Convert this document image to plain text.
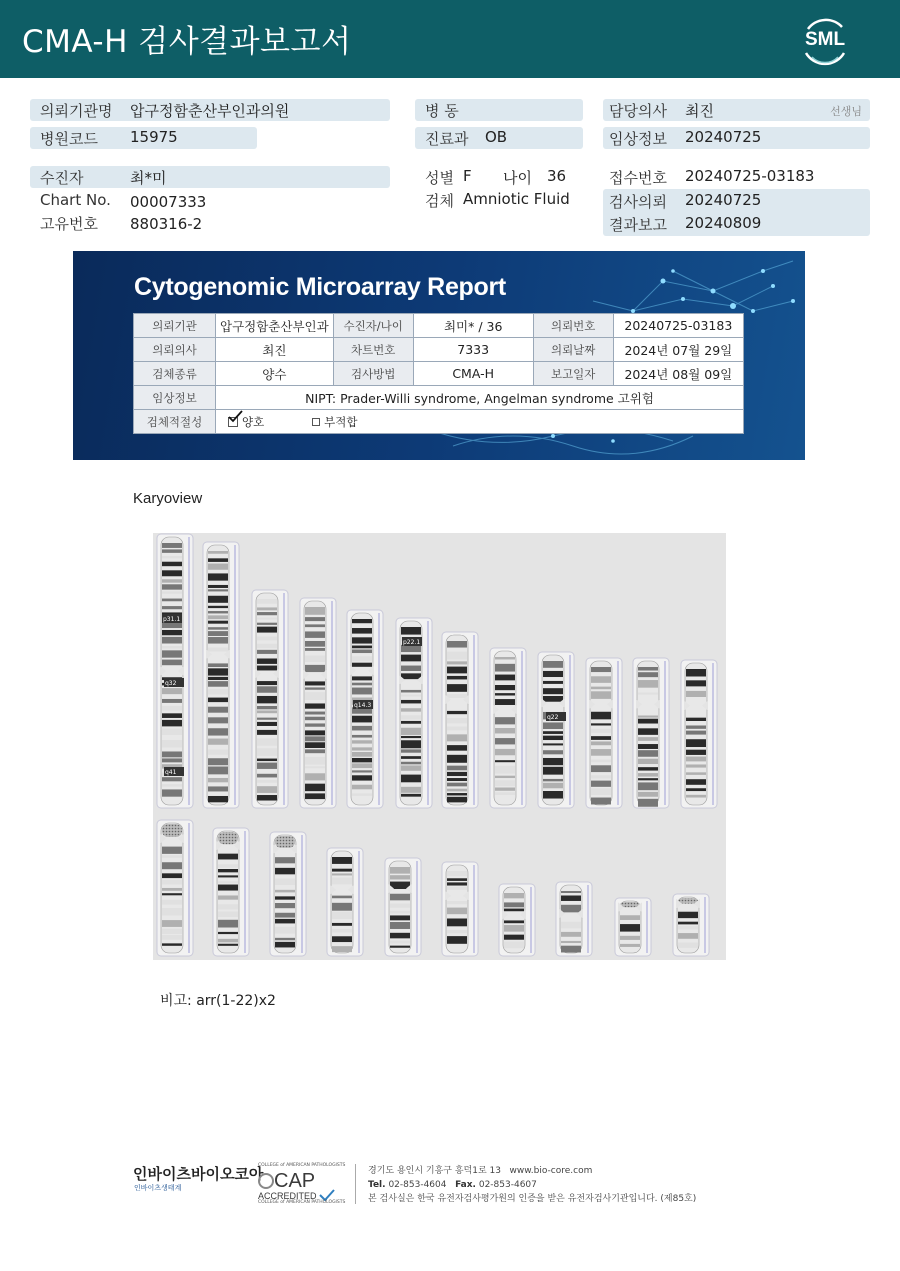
CMA-H 검사결과보고서	SML
의뢰기관명 압구정함춘산부인과의원
병원코드 15975
병 동
진료과 OB
담당의사 최진	선생님
임상정보 20240725
수진자	최*미
Chart No. 00007333
고유번호 880316-2
성별 F 나이 36
검체 Amniotic Fluid
접수번호 20240725-03183
검사의뢰 20240725
결과보고 20240809
Cytogenomic Microarray Report
의뢰기관	압구정함춘산부인과	수진자/나이	최미* / 36	의뢰번호	20240725-03183
의뢰의사	최진	차트번호	7333	의뢰날짜	2024년 07월 29일
검체종류	양수	검사방법	CMA-H	보고일자	2024년 08월 09일
임상정보	NIPT: Prader-Willi syndrome, Angelman syndrome 고위험				
검체적절성	양호 부적합				
Karyoview
p31.1
q32
q41
p22.1
q14.3
q22
비고: arr(1-22)x2
인바이츠바이오코아
인바이츠생태계
COLLEGE of AMERICAN PATHOLOGISTS
CAP
ACCREDITED
COLLEGE of AMERICAN PATHOLOGISTS
경기도 용인시 기흥구 흥덕1로 13 www.bio-core.com
Tel. 02-853-4604 Fax. 02-853-4607
본 검사실은 한국 유전자검사평가원의 인증을 받은 유전자검사기관입니다. (제85호)
